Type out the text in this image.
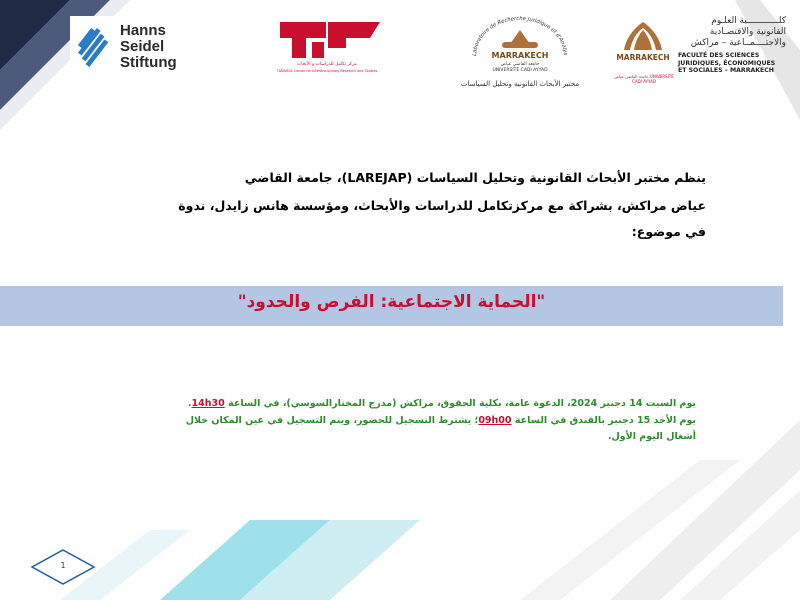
Hanns
Seidel
Stiftung	مركز تكامل للدراسات و الأبحاث
TAKAMUL Center for Interdisciplinary Research and Studies
Laboratoire de Recherche Juridique et d'Analys
MARRAKECH
جامعة القاضي عياض
UNIVERSITÉ CADI AYYAD
مختبر الأبحاث القانونية وتحليل السياسات
MARRAKECH
جامعة القاضي عياض UNIVERSITÉ CADI AYYAD
كلــــــــــــية العلـوم
القانونية والاقتصـادية
والاجتــــمــاعية – مراكش
FACULTÉ DES SCIENCES
JURIDIQUES, ÉCONOMIQUES
ET SOCIALES – MARRAKECH
ينظم مختبر الأبحاث القانونية وتحليل السياسات (LAREJAP)، جامعة القاضي
عياض مراكش، بشراكة مع مركزتكامل للدراسات والأبحاث، ومؤسسة هانس زايدل، ندوة
في موضوع:
"الحماية الاجتماعية: الفرص والحدود"
يوم السبت 14 دجنبر 2024، الدعوة عامة، بكلية الحقوق، مراكش (مدرج المختارالسوسي)، في الساعة 14h30.
يوم الأحد 15 دجنبر بالفندق في الساعة 09h00؛ يشترط التسجيل للحضور، ويتم التسجيل في عين المكان خلال
أشغال اليوم الأول.
1
